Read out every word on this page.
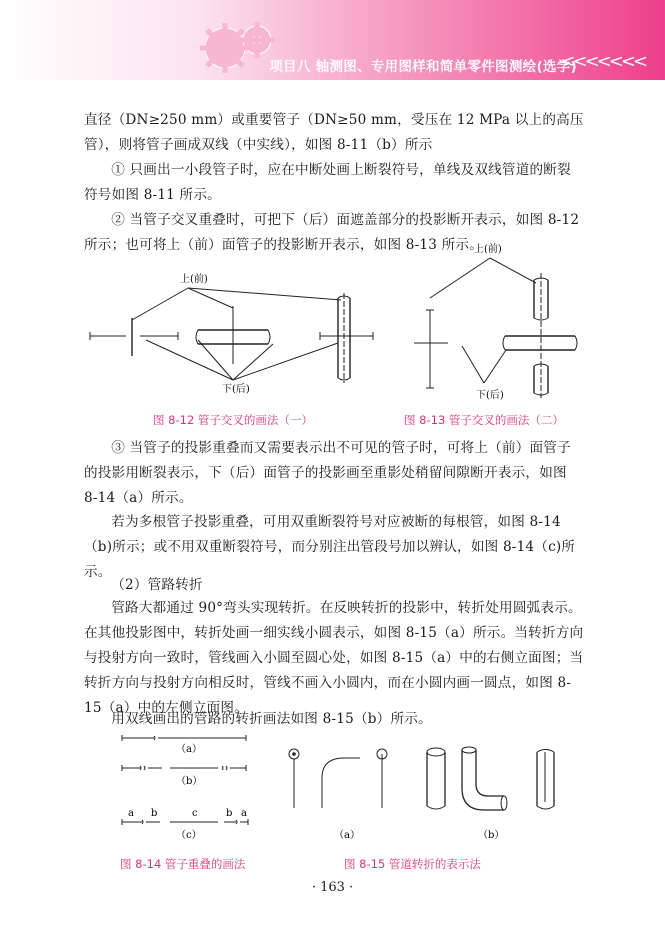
项目八 轴测图、专用图样和简单零件图测绘(选学)
<<<<<<<
直径（DN≥250 mm）或重要管子（DN≥50 mm，受压在 12 MPa 以上的高压管），则将管子画成双线（中实线），如图 8-11（b）所示
① 只画出一小段管子时，应在中断处画上断裂符号，单线及双线管道的断裂符号如图 8-11 所示。
② 当管子交叉重叠时，可把下（后）面遮盖部分的投影断开表示，如图 8-12所示；也可将上（前）面管子的投影断开表示，如图 8-13 所示。
上(前)
下(后)
图 8-12 管子交叉的画法（一）
上(前)
下(后)
图 8-13 管子交叉的画法（二）
③ 当管子的投影重叠而又需要表示出不可见的管子时，可将上（前）面管子的投影用断裂表示，下（后）面管子的投影画至重影处稍留间隙断开表示，如图 8-14（a）所示。
若为多根管子投影重叠，可用双重断裂符号对应被断的每根管，如图 8-14（b)所示；或不用双重断裂符号，而分别注出管段号加以辨认，如图 8-14（c)所示。
（2）管路转折
管路大都通过 90°弯头实现转折。在反映转折的投影中，转折处用圆弧表示。在其他投影图中，转折处画一细实线小圆表示，如图 8-15（a）所示。当转折方向与投射方向一致时，管线画入小圆至圆心处，如图 8-15（a）中的右侧立面图；当转折方向与投射方向相反时，管线不画入小圆内，而在小圆内画一圆点，如图 8-15（a）中的左侧立面图。
用双线画出的管路的转折画法如图 8-15（b）所示。
（a）
（b）
a b	c	b a
（c）
图 8-14 管子重叠的画法
（a）	（b）
图 8-15 管道转折的表示法
· 163 ·
